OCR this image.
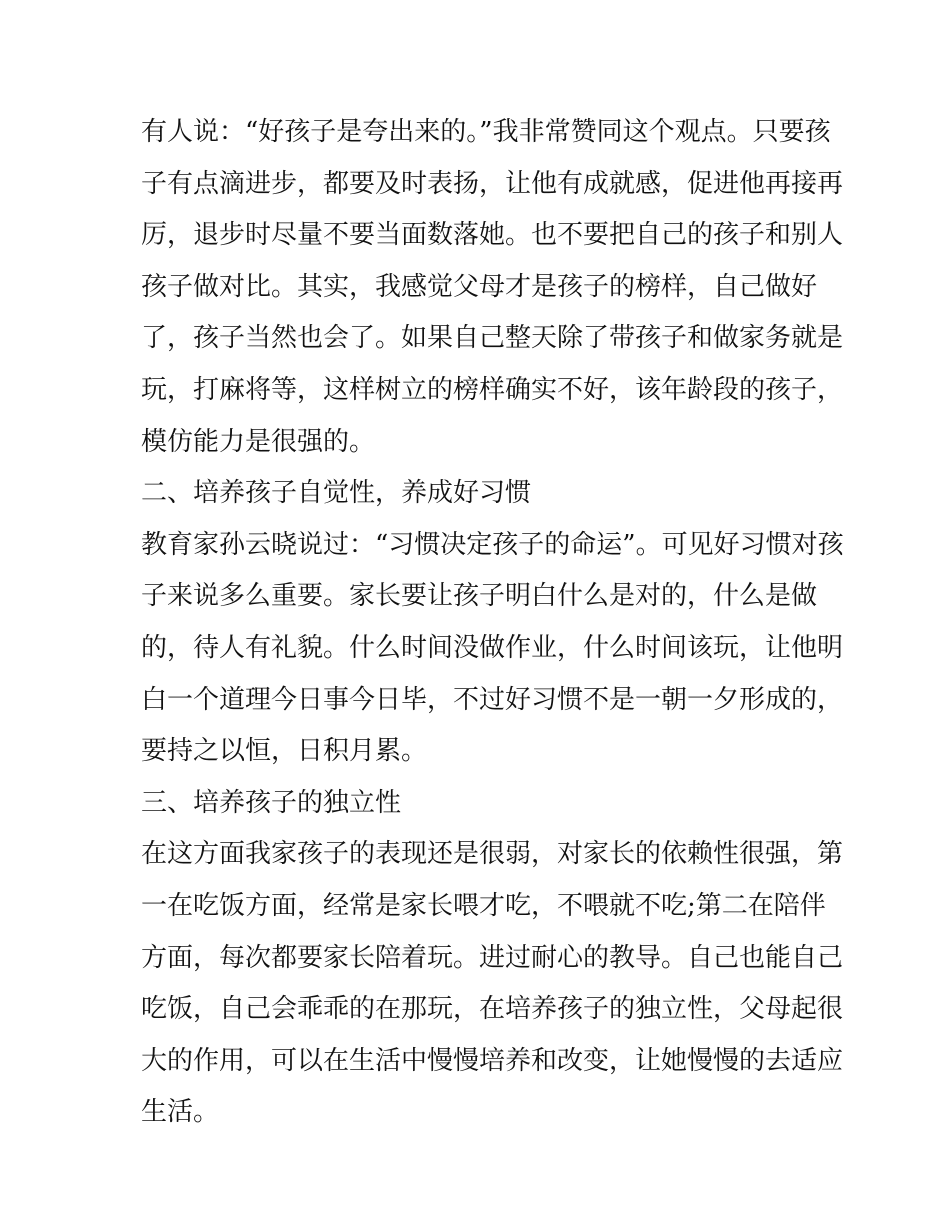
有人说：“好孩子是夸出来的。”我非常赞同这个观点。只要孩
子有点滴进步，都要及时表扬，让他有成就感，促进他再接再
厉，退步时尽量不要当面数落她。也不要把自己的孩子和别人
孩子做对比。其实，我感觉父母才是孩子的榜样，自己做好
了，孩子当然也会了。如果自己整天除了带孩子和做家务就是
玩，打麻将等，这样树立的榜样确实不好，该年龄段的孩子，
模仿能力是很强的。
二、培养孩子自觉性，养成好习惯
教育家孙云晓说过：“习惯决定孩子的命运”。可见好习惯对孩
子来说多么重要。家长要让孩子明白什么是对的，什么是做
的，待人有礼貌。什么时间没做作业，什么时间该玩，让他明
白一个道理今日事今日毕，不过好习惯不是一朝一夕形成的，
要持之以恒，日积月累。
三、培养孩子的独立性
在这方面我家孩子的表现还是很弱，对家长的依赖性很强，第
一在吃饭方面，经常是家长喂才吃，不喂就不吃;第二在陪伴
方面，每次都要家长陪着玩。进过耐心的教导。自己也能自己
吃饭，自己会乖乖的在那玩，在培养孩子的独立性，父母起很
大的作用，可以在生活中慢慢培养和改变，让她慢慢的去适应
生活。
